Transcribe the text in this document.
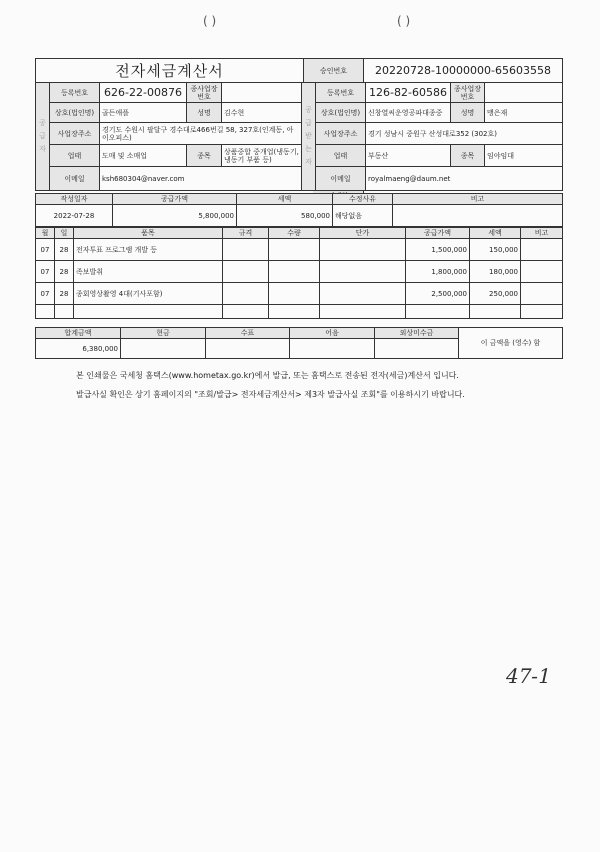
( )	( )
전자세금계산서	승인번호	20220728-10000000-65603558
공급자	등록번호	626-22-00876	종사업장번호		공급받는자	등록번호	126-82-60586	종사업장번호	
	상호(법인명)	골든애플	성명	김수현		상호(법인명)	신창열씨운영공파대종중	성명	맹은재
	사업장주소	경기도 수원시 팔달구 경수대로466번길 58, 327호(인계동, 아이오피스)				사업장주소	경기 성남시 중원구 산성대로352 (302호)		
	업태	도매 및 소매업	종목	상품중합 중개업(냉동기, 냉동기 부품 등)		업태	부동산	종목	임야임대
	이메일	ksh680304@naver.com				이메일	royalmaeng@daum.net		
이메일
작성일자	공급가액	세액	수정사유	비고
2022-07-28	5,800,000	580,000	해당없음	
월	일	품목	규격	수량	단가	공급가액	세액	비고
07	28	전자투표 프로그램 개발 등				1,500,000	150,000	
07	28	족보발취				1,800,000	180,000	
07	28	종회영상촬영 4대(기사포함)				2,500,000	250,000	

합계금액	현금	수표	어음	외상미수금	이 금액을 (영수) 함
6,380,000					
본 인쇄물은 국세청 홈택스(www.hometax.go.kr)에서 발급, 또는 홈택스로 전송된 전자(세금)계산서 입니다.
발급사실 확인은 상기 홈페이지의 "조회/발급> 전자세금계산서> 제3자 발급사실 조회"를 이용하시기 바랍니다.
47-1
